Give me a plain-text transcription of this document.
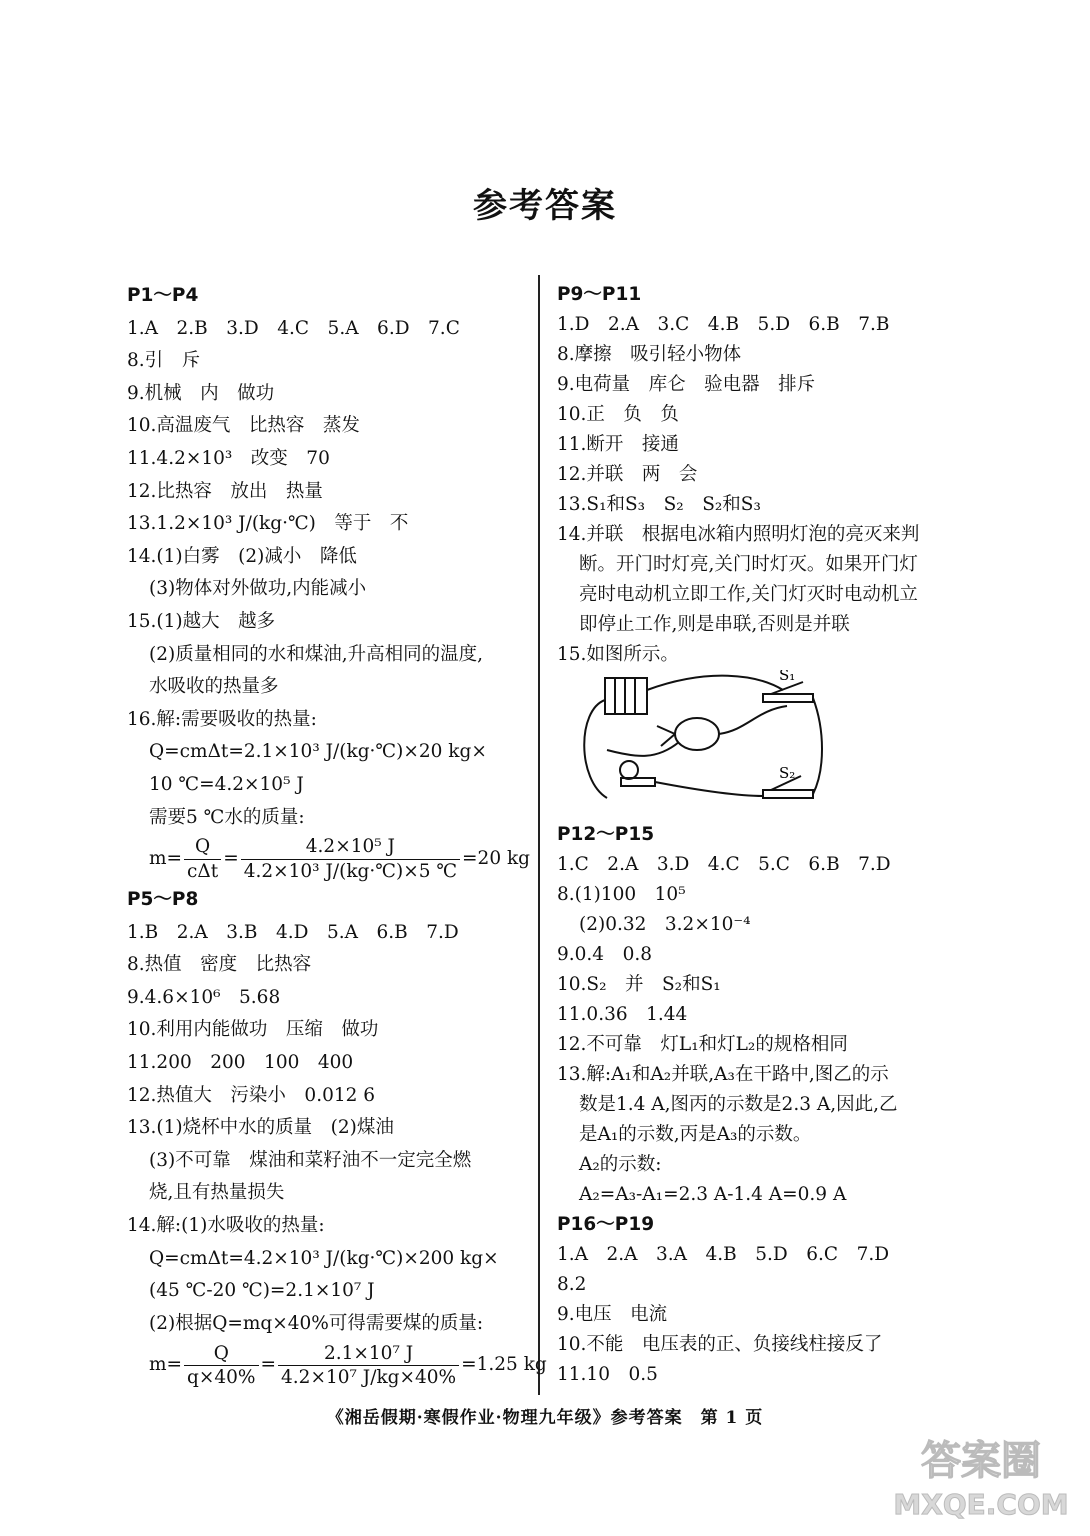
参考答案
P1～P4
1.A　2.B　3.D　4.C　5.A　6.D　7.C
8.引　斥
9.机械　内　做功
10.高温废气　比热容　蒸发
11.4.2×10³　改变　70
12.比热容　放出　热量
13.1.2×10³ J/(kg·℃)　等于　不
14.(1)白雾　(2)减小　降低
(3)物体对外做功,内能减小
15.(1)越大　越多
(2)质量相同的水和煤油,升高相同的温度,
水吸收的热量多
16.解:需要吸收的热量:
Q=cmΔt=2.1×10³ J/(kg·℃)×20 kg×
10 ℃=4.2×10⁵ J
需要5 ℃水的质量:
$m= \frac{Q}{\text{cΔt}} = \frac{\text{4.2×10⁵ J}}{\text{4.2×10³ J/(kg·℃)×5 ℃}} =20$ kg
P5～P8
1.B　2.A　3.B　4.D　5.A　6.B　7.D
8.热值　密度　比热容
9.4.6×10⁶　5.68
10.利用内能做功　压缩　做功
11.200　200　100　400
12.热值大　污染小　0.012 6
13.(1)烧杯中水的质量　(2)煤油
(3)不可靠　煤油和菜籽油不一定完全燃
烧,且有热量损失
14.解:(1)水吸收的热量:
Q=cmΔt=4.2×10³ J/(kg·℃)×200 kg×
(45 ℃-20 ℃)=2.1×10⁷ J
(2)根据Q=mq×40%可得需要煤的质量:
$m= \frac{Q}{q\times 40\%} = \frac{\text{2.1×10⁷ J}}{\text{4.2×10⁷ J/kg×40\%}} =1.25$ kg
P9～P11
1.D　2.A　3.C　4.B　5.D　6.B　7.B
8.摩擦　吸引轻小物体
9.电荷量　库仑　验电器　排斥
10.正　负　负
11.断开　接通
12.并联　两　会
13.S₁和S₃　S₂　S₂和S₃
14.并联　根据电冰箱内照明灯泡的亮灭来判
断。开门时灯亮,关门时灯灭。如果开门灯
亮时电动机立即工作,关门灯灭时电动机立
即停止工作,则是串联,否则是并联
15.如图所示。
S₁
S₂
P12～P15
1.C　2.A　3.D　4.C　5.C　6.B　7.D
8.(1)100　10⁵
(2)0.32　3.2×10⁻⁴
9.0.4　0.8
10.S₂　并　S₂和S₁
11.0.36　1.44
12.不可靠　灯L₁和灯L₂的规格相同
13.解:A₁和A₂并联,A₃在干路中,图乙的示
数是1.4 A,图丙的示数是2.3 A,因此,乙
是A₁的示数,丙是A₃的示数。
A₂的示数:
A₂=A₃-A₁=2.3 A-1.4 A=0.9 A
P16～P19
1.A　2.A　3.A　4.B　5.D　6.C　7.D
8.2
9.电压　电流
10.不能　电压表的正、负接线柱接反了
11.10　0.5
《湘岳假期·寒假作业·物理九年级》参考答案　第 1 页
答案圈
MXQE.COM
